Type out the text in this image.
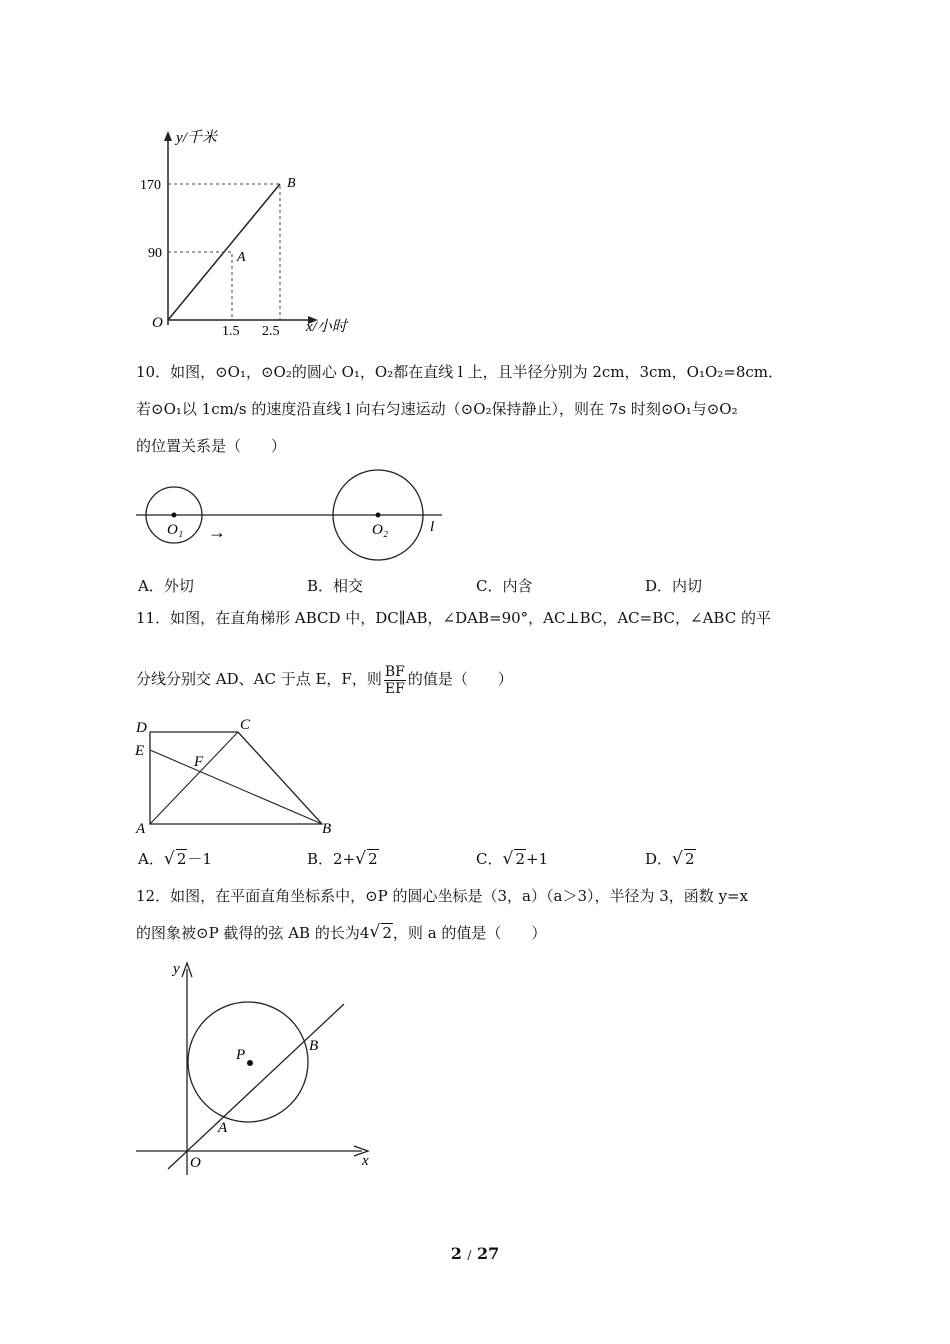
y/千米
170
90
O
1.5 2.5 x/小时
A
B
10．如图，⊙O₁，⊙O₂的圆心 O₁，O₂都在直线 l 上，且半径分别为 2cm，3cm，O₁O₂=8cm．
若⊙O₁以 1cm/s 的速度沿直线 l 向右匀速运动（⊙O₂保持静止），则在 7s 时刻⊙O₁与⊙O₂
的位置关系是（　　）
O₁	O₂
→	l
A．外切	B．相交	C．内含	D．内切
11．如图，在直角梯形 ABCD 中，DC∥AB，∠DAB=90°，AC⊥BC，AC=BC，∠ABC 的平
分线分别交 AD、AC 于点 E，F，则 $\frac{BF}{EF}$ 的值是（　　）
D	C
E
F
A	B
A． √ 2－1	B．2+ √ 2	C． √ 2+1	D． √ 2
12．如图，在平面直角坐标系中，⊙P 的圆心坐标是（3，a）（a＞3），半径为 3，函数 y=x
的图象被⊙P 截得的弦 AB 的长为4 √ 2，则 a 的值是（　　）
y
x
O
P
A
B
2 / 27
